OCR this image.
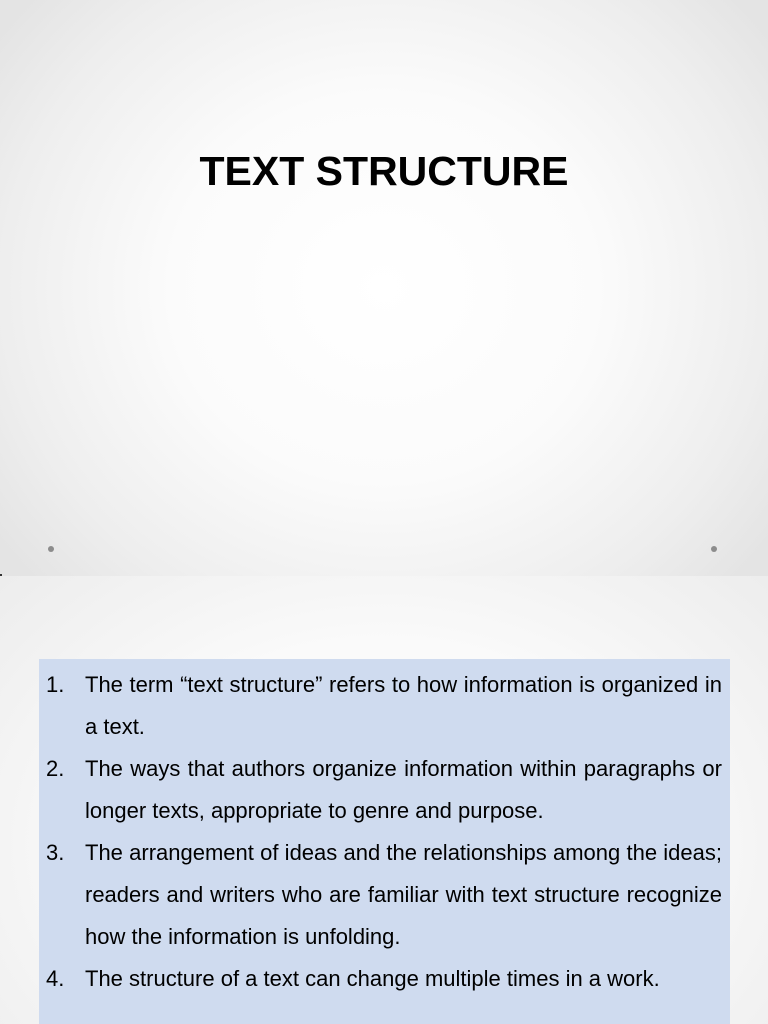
TEXT STRUCTURE
1. The term “text structure” refers to how information is organized in a text.
2. The ways that authors organize information within paragraphs or longer texts, appropriate to genre and purpose.
3. The arrangement of ideas and the relationships among the ideas; readers and writers who are familiar with text structure recognize how the information is unfolding.
4. The structure of a text can change multiple times in a work.
